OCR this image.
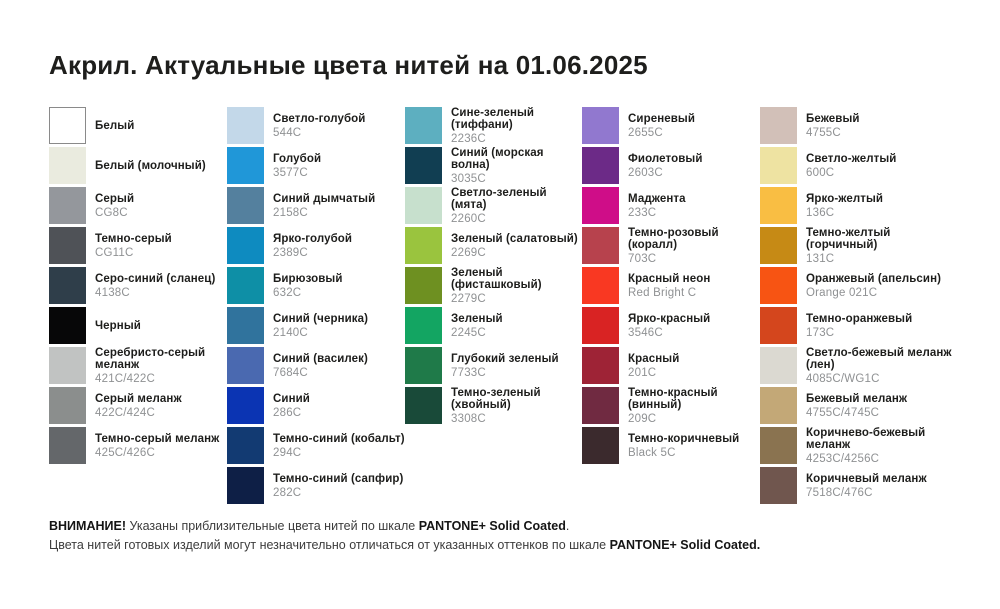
Акрил. Актуальные цвета нитей на 01.06.2025
Белый
Белый (молочный)
Серый
CG8C
Темно-серый
CG11C
Серо-синий (сланец)
4138C
Черный
Серебристо-серый меланж
421C/422C
Серый меланж
422C/424C
Темно-серый меланж
425C/426C
Светло-голубой
544C
Голубой
3577C
Синий дымчатый
2158C
Ярко-голубой
2389C
Бирюзовый
632C
Синий (черника)
2140C
Синий (василек)
7684C
Синий
286C
Темно-синий (кобальт)
294C
Темно-синий (сапфир)
282C
Сине-зеленый (тиффани)
2236C
Синий (морская волна)
3035C
Светло-зеленый (мята)
2260C
Зеленый (салатовый)
2269C
Зеленый (фисташковый)
2279C
Зеленый
2245C
Глубокий зеленый
7733C
Темно-зеленый (хвойный)
3308C
Сиреневый
2655C
Фиолетовый
2603C
Маджента
233C
Темно-розовый (коралл)
703C
Красный неон
Red Bright C
Ярко-красный
3546C
Красный
201C
Темно-красный (винный)
209C
Темно-коричневый
Black 5C
Бежевый
4755C
Светло-желтый
600C
Ярко-желтый
136C
Темно-желтый (горчичный)
131C
Оранжевый (апельсин)
Orange 021C
Темно-оранжевый
173C
Светло-бежевый меланж (лен)
4085C/WG1C
Бежевый меланж
4755C/4745C
Коричнево-бежевый меланж
4253C/4256C
Коричневый меланж
7518C/476C

ВНИМАНИЕ! Указаны приблизительные цвета нитей по шкале PANTONE+ Solid Coated.

Цвета нитей готовых изделий могут незначительно отличаться от указанных оттенков по шкале PANTONE+ Solid Coated.
